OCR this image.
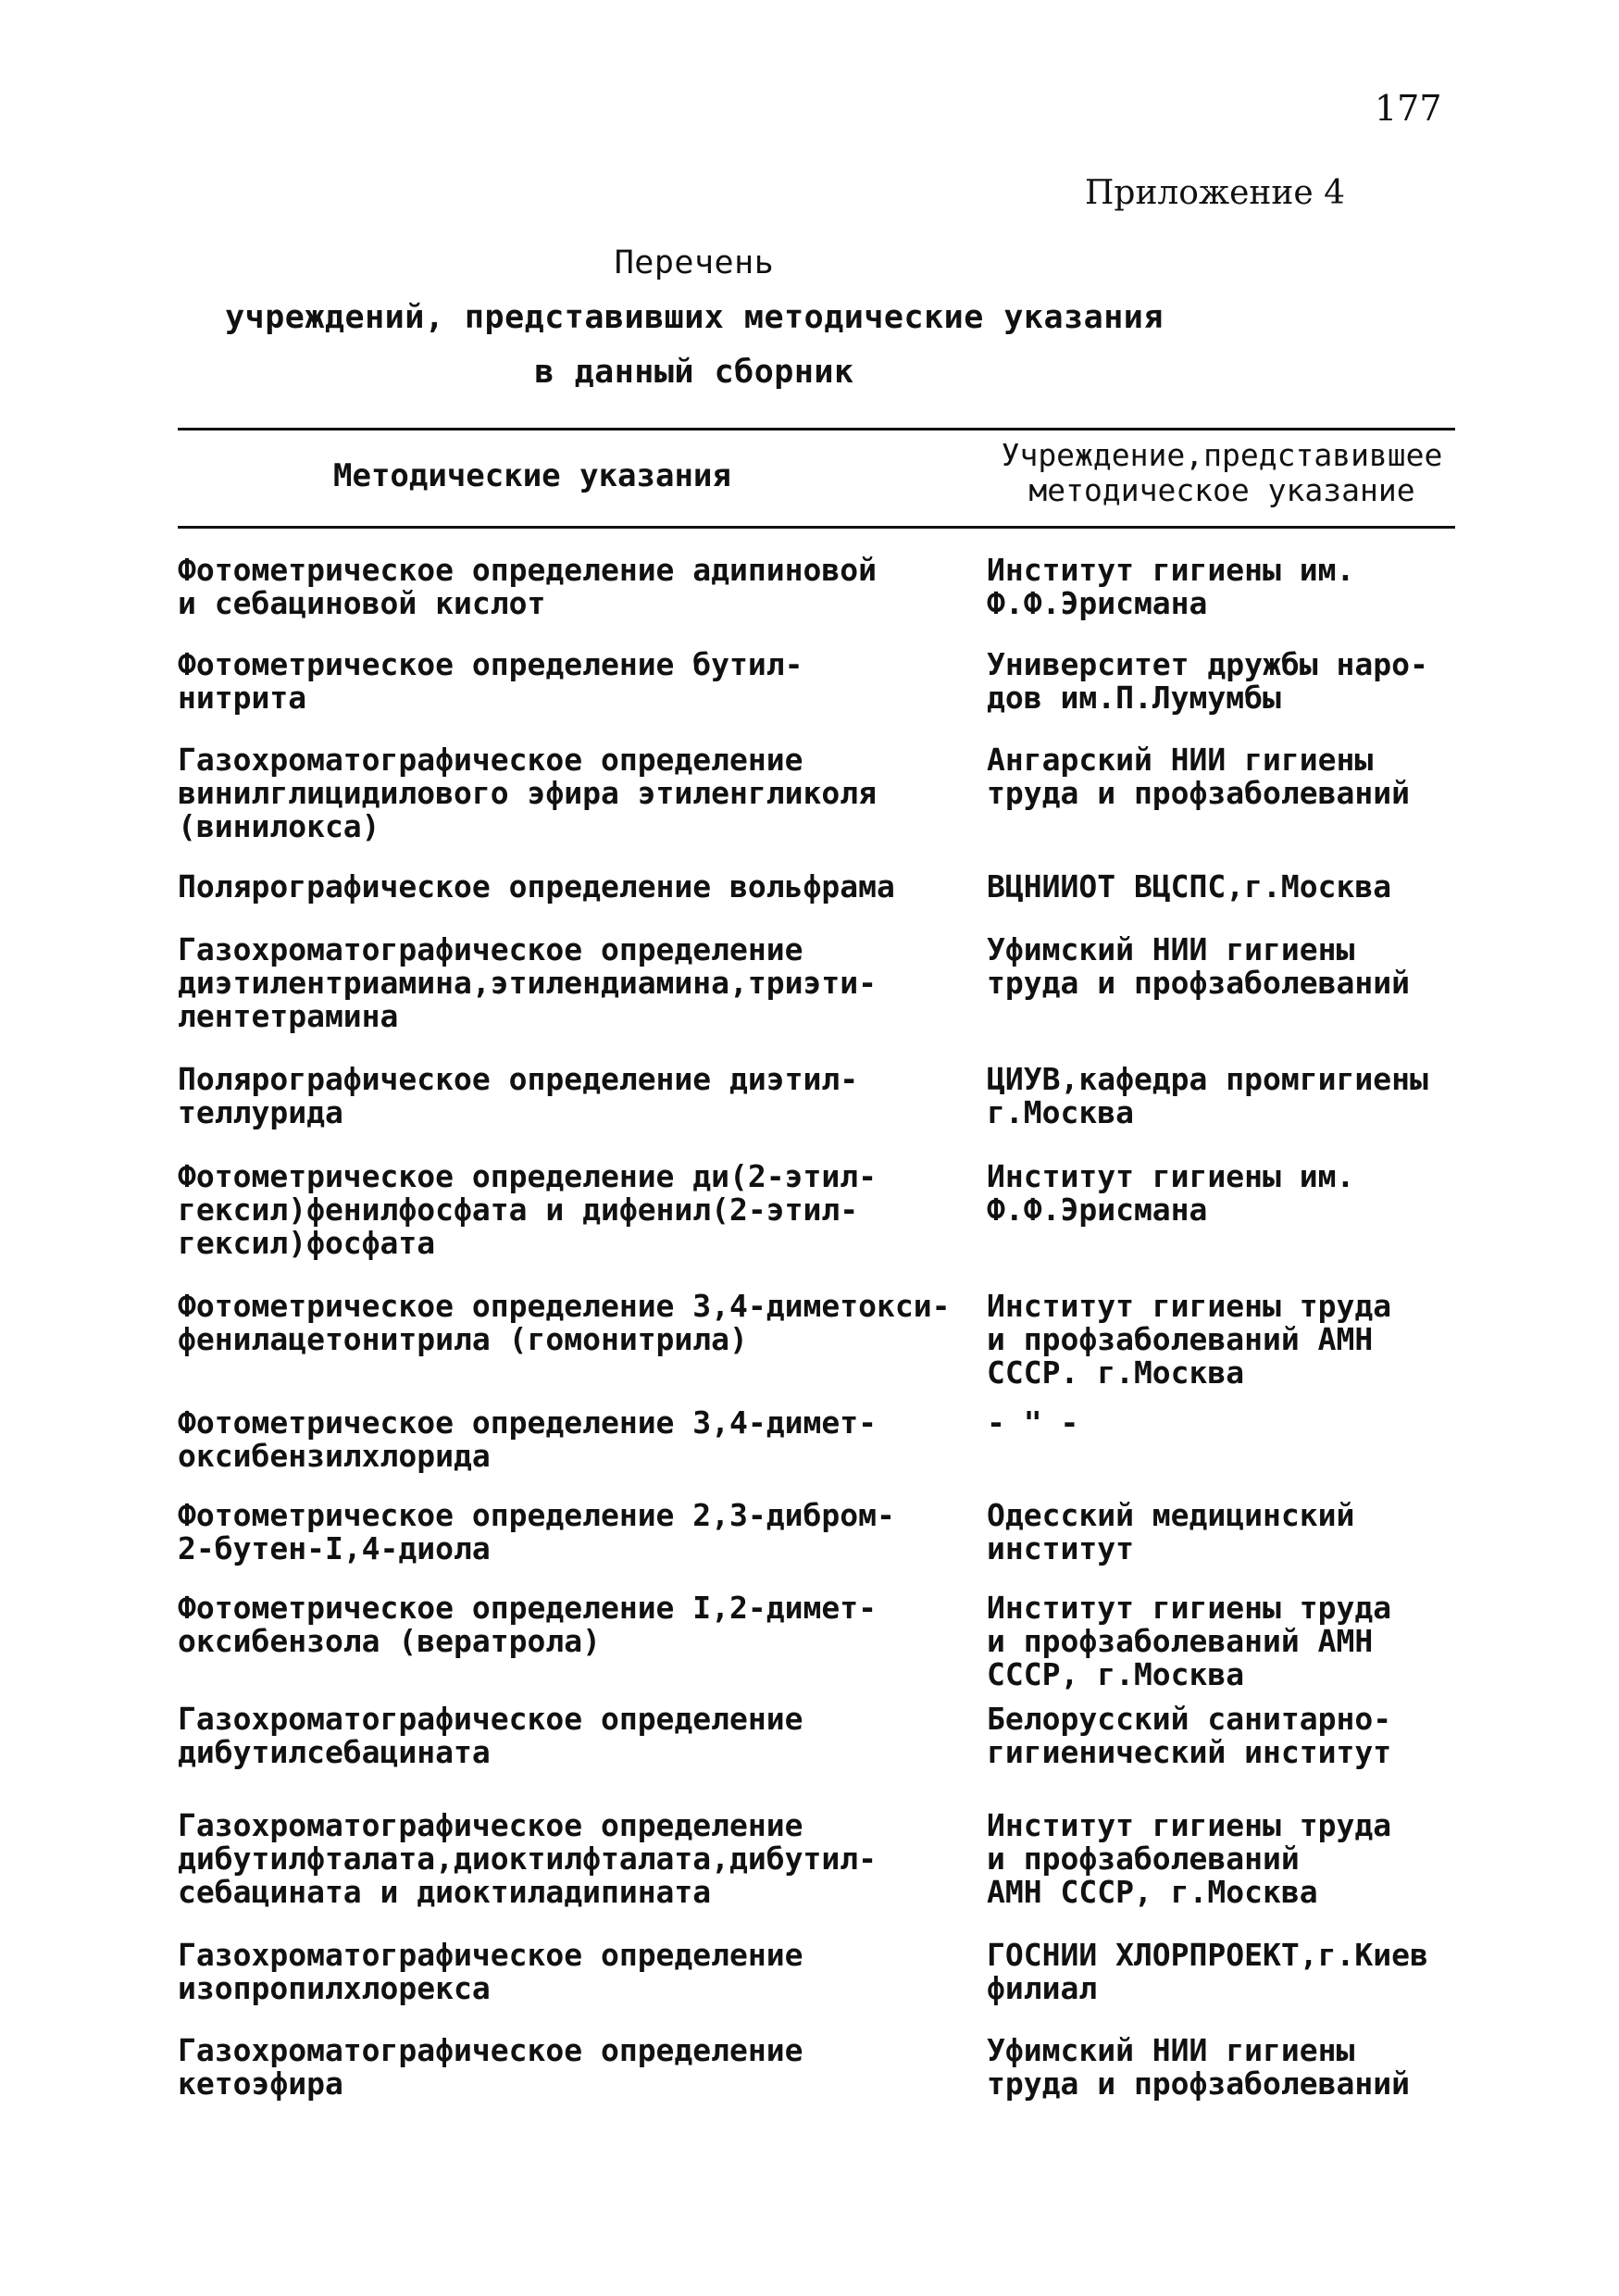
177
Приложение 4
Перечень
учреждений, представивших методические указания
в данный сборник
Методические указания
Учреждение,представившее
методическое указание
Фотометрическое определение адипиновой
и себациновой кислот
Институт гигиены им.
Ф.Ф.Эрисмана
Фотометрическое определение бутил-
нитрита
Университет дружбы наро-
дов им.П.Лумумбы
Газохроматографическое определение
винилглицидилового эфира этиленгликоля
(винилокса)
Ангарский НИИ гигиены
труда и профзаболеваний
Полярографическое определение вольфрама	ВЦНИИОТ ВЦСПС,г.Москва
Газохроматографическое определение
диэтилентриамина,этилендиамина,триэти-
лентетрамина
Уфимский НИИ гигиены
труда и профзаболеваний
Полярографическое определение диэтил-
теллурида
ЦИУВ,кафедра промгигиены
г.Москва
Фотометрическое определение ди(2-этил-
гексил)фенилфосфата и дифенил(2-этил-
гексил)фосфата
Институт гигиены им.
Ф.Ф.Эрисмана
Фотометрическое определение 3,4-диметокси-
фенилацетонитрила (гомонитрила)
Институт гигиены труда
и профзаболеваний АМН
СССР. г.Москва
Фотометрическое определение 3,4-димет-
оксибензилхлорида
- " -
Фотометрическое определение 2,3-дибром-
2-бутен-I,4-диола
Одесский медицинский
институт
Фотометрическое определение I,2-димет-
оксибензола (вератрола)
Институт гигиены труда
и профзаболеваний АМН
СССР, г.Москва
Газохроматографическое определение
дибутилсебацината
Белорусский санитарно-
гигиенический институт
Газохроматографическое определение
дибутилфталата,диоктилфталата,дибутил-
себацината и диоктиладипината
Институт гигиены труда
и профзаболеваний
АМН СССР, г.Москва
Газохроматографическое определение
изопропилхлорекса
ГОСНИИ ХЛОРПРОЕКТ,г.Киев
филиал
Газохроматографическое определение
кетоэфира
Уфимский НИИ гигиены
труда и профзаболеваний
